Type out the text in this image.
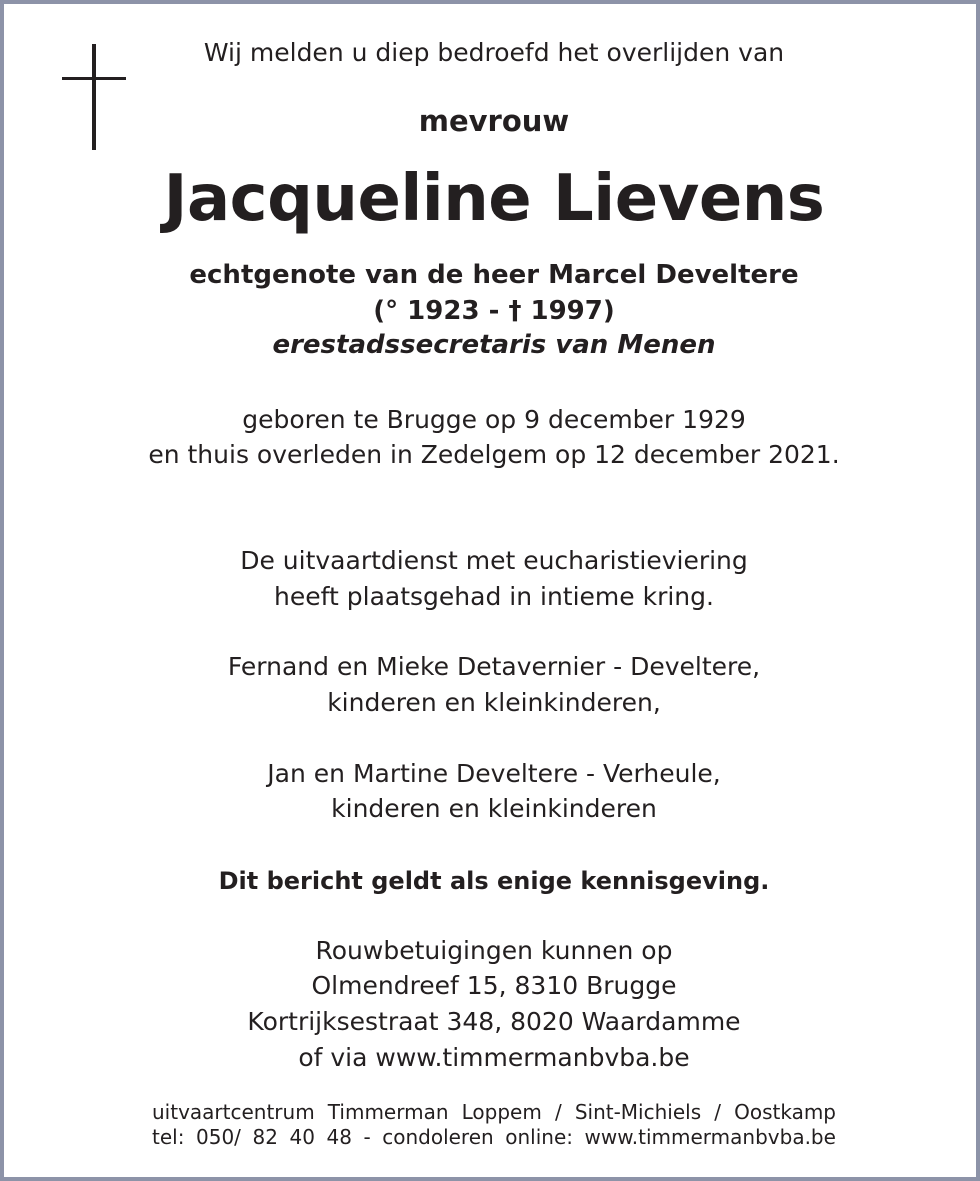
Wij melden u diep bedroefd het overlijden van
mevrouw
Jacqueline Lievens
echtgenote van de heer Marcel Develtere
(° 1923 - † 1997)
erestadssecretaris van Menen
geboren te Brugge op 9 december 1929
en thuis overleden in Zedelgem op 12 december 2021.
De uitvaartdienst met eucharistieviering
heeft plaatsgehad in intieme kring.
Fernand en Mieke Detavernier - Develtere,
kinderen en kleinkinderen,
Jan en Martine Develtere - Verheule,
kinderen en kleinkinderen
Dit bericht geldt als enige kennisgeving.
Rouwbetuigingen kunnen op
Olmendreef 15, 8310 Brugge
Kortrijksestraat 348, 8020 Waardamme
of via www.timmermanbvba.be
uitvaartcentrum Timmerman Loppem / Sint-Michiels / Oostkamp
tel: 050/ 82 40 48 - condoleren online: www.timmermanbvba.be
